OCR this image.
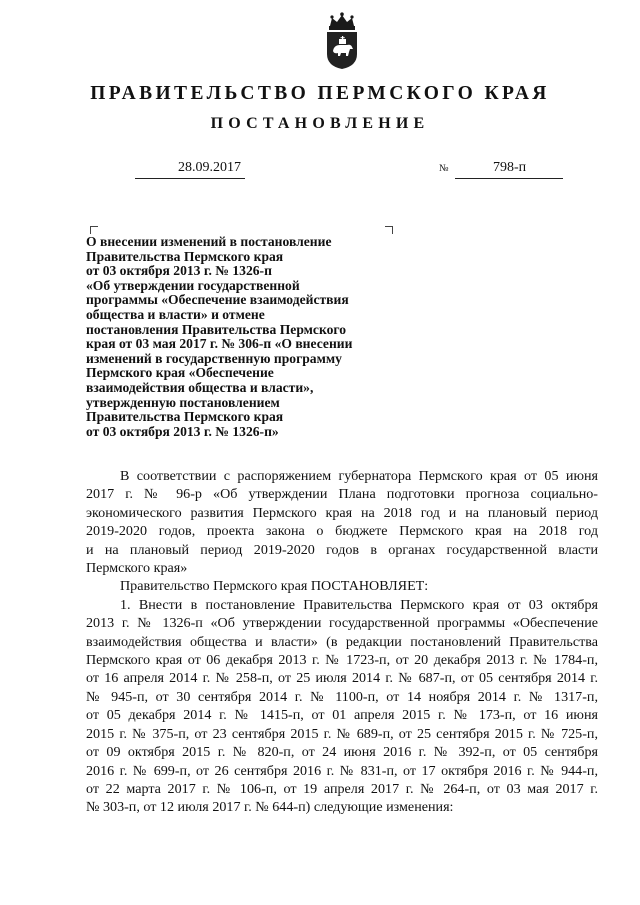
ПРАВИТЕЛЬСТВО ПЕРМСКОГО КРАЯ
ПОСТАНОВЛЕНИЕ
28.09.2017	№	798-п
О внесении изменений в постановление
Правительства Пермского края
от 03 октября 2013 г. № 1326-п
«Об утверждении государственной
программы «Обеспечение взаимодействия
общества и власти» и отмене
постановления Правительства Пермского
края от 03 мая 2017 г. № 306-п «О внесении
изменений в государственную программу
Пермского края «Обеспечение
взаимодействия общества и власти»,
утвержденную постановлением
Правительства Пермского края
от 03 октября 2013 г. № 1326-п»
В соответствии с распоряжением губернатора Пермского края от 05 июня
2017 г. № 96-р «Об утверждении Плана подготовки прогноза социально-
экономического развития Пермского края на 2018 год и на плановый период
2019-2020 годов, проекта закона о бюджете Пермского края на 2018 год
и на плановый период 2019-2020 годов в органах государственной власти
Пермского края»
Правительство Пермского края ПОСТАНОВЛЯЕТ:
1. Внести в постановление Правительства Пермского края от 03 октября
2013 г. № 1326-п «Об утверждении государственной программы «Обеспечение
взаимодействия общества и власти» (в редакции постановлений Правительства
Пермского края от 06 декабря 2013 г. № 1723-п, от 20 декабря 2013 г. № 1784-п,
от 16 апреля 2014 г. № 258-п, от 25 июля 2014 г. № 687-п, от 05 сентября 2014 г.
№ 945-п, от 30 сентября 2014 г. № 1100-п, от 14 ноября 2014 г. № 1317-п,
от 05 декабря 2014 г. № 1415-п, от 01 апреля 2015 г. № 173-п, от 16 июня
2015 г. № 375-п, от 23 сентября 2015 г. № 689-п, от 25 сентября 2015 г. № 725-п,
от 09 октября 2015 г. № 820-п, от 24 июня 2016 г. № 392-п, от 05 сентября
2016 г. № 699-п, от 26 сентября 2016 г. № 831-п, от 17 октября 2016 г. № 944-п,
от 22 марта 2017 г. № 106-п, от 19 апреля 2017 г. № 264-п, от 03 мая 2017 г.
№ 303-п, от 12 июля 2017 г. № 644-п) следующие изменения:
